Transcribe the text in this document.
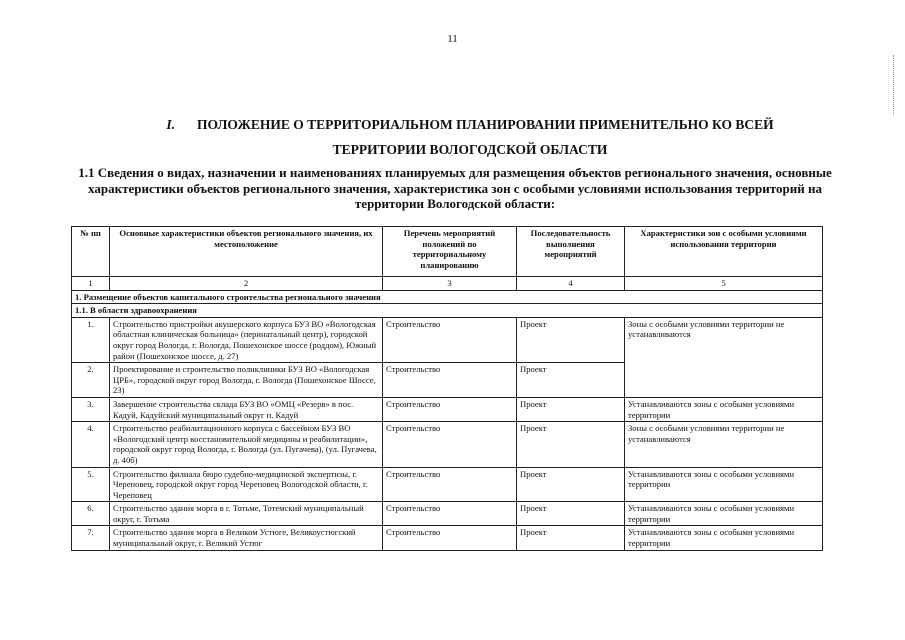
11
I. ПОЛОЖЕНИЕ О ТЕРРИТОРИАЛЬНОМ ПЛАНИРОВАНИИ ПРИМЕНИТЕЛЬНО КО ВСЕЙ
ТЕРРИТОРИИ ВОЛОГОДСКОЙ ОБЛАСТИ
1.1 Сведения о видах, назначении и наименованиях планируемых для размещения объектов регионального значения, основные характеристики объектов регионального значения, характеристика зон с особыми условиями использования территорий на территории Вологодской области:
№ пп	Основные характеристики объектов регионального значения, их местоположение	Перечень мероприятий положений по территориальному планированию	Последовательность выполнения мероприятий	Характеристики зон с особыми условиями использования территории
1	2	3	4	5
1. Размещение объектов капитального строительства регионального значения				
1.1. В области здравоохранения				
1.	Строительство пристройки акушерского корпуса БУЗ ВО «Вологодская областная клиническая больница» (перинатальный центр), городской округ город Вологда, г. Вологда, Пошехонское шоссе (роддом), Южный район (Пошехонское шоссе, д. 27)	Строительство	Проект	Зоны с особыми условиями территории не устанавливаются
2.	Проектирование и строительство поликлиники БУЗ ВО «Вологодская ЦРБ», городской округ город Вологда, г. Вологда (Пошехонское Шоссе, 23)	Строительство	Проект	
3.	Завершение строительства склада БУЗ ВО «ОМЦ «Резерв» в пос. Кадуй, Кадуйский муниципальный округ п. Кадуй	Строительство	Проект	Устанавливаются зоны с особыми условиями территории
4.	Строительство реабилитационного корпуса с бассейном БУЗ ВО «Вологодский центр восстановительной медицины и реабилитации», городской округ город Вологда, г. Вологда (ул. Пугачева), (ул. Пугачева, д. 40б)	Строительство	Проект	Зоны с особыми условиями территории не устанавливаются
5.	Строительство филиала бюро судебно-медицинской экспертизы, г. Череповец, городской округ город Череповец Вологодской области, г. Череповец	Строительство	Проект	Устанавливаются зоны с особыми условиями территории
6.	Строительство здания морга в г. Тотьме, Тотемский муниципальный округ, г. Тотьма	Строительство	Проект	Устанавливаются зоны с особыми условиями территории
7.	Строительство здания морга в Великом Устюге, Великоустюгский муниципальный округ, г. Великий Устюг	Строительство	Проект	Устанавливаются зоны с особыми условиями территории
